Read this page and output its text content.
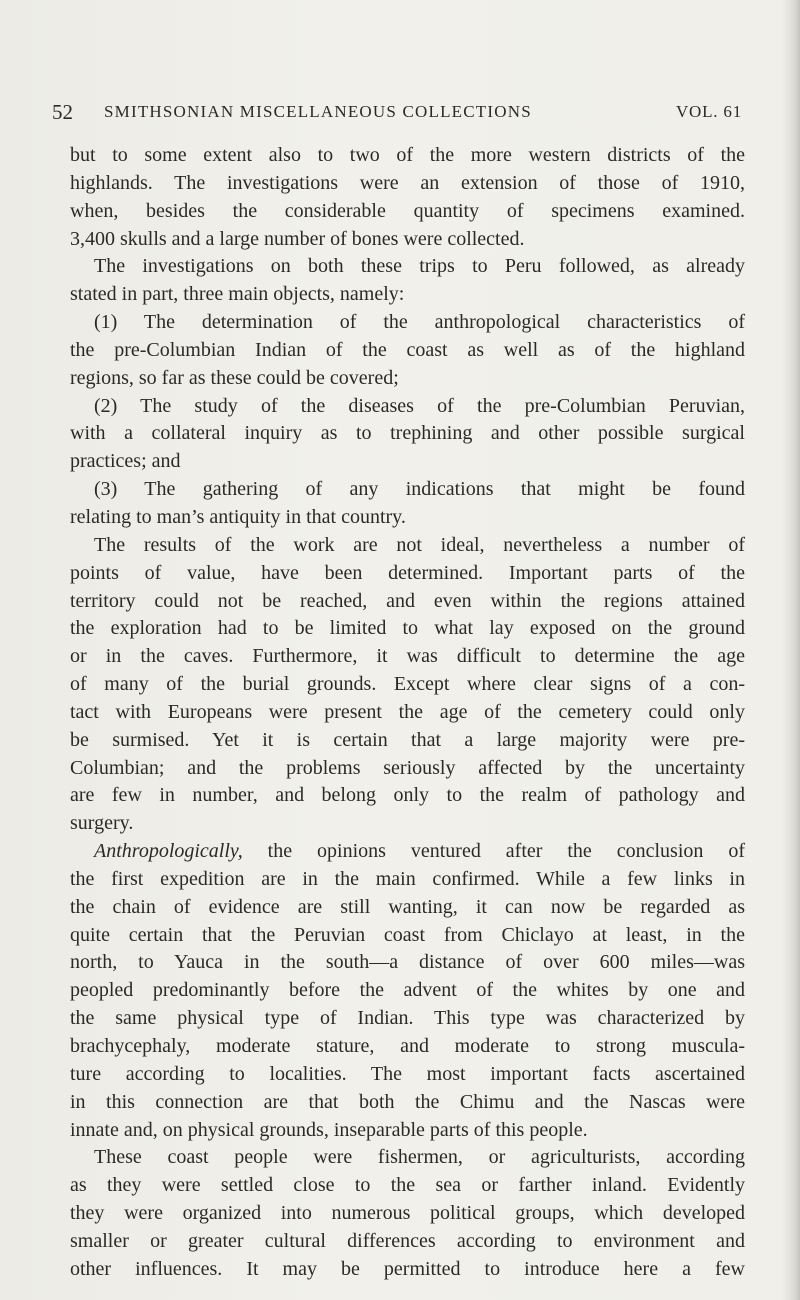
52 SMITHSONIAN MISCELLANEOUS COLLECTIONS	VOL. 61
but to some extent also to two of the more western districts of the
highlands. The investigations were an extension of those of 1910,
when, besides the considerable quantity of specimens examined.
3,400 skulls and a large number of bones were collected.
The investigations on both these trips to Peru followed, as already
stated in part, three main objects, namely:
(1) The determination of the anthropological characteristics of
the pre-Columbian Indian of the coast as well as of the highland
regions, so far as these could be covered;
(2) The study of the diseases of the pre-Columbian Peruvian,
with a collateral inquiry as to trephining and other possible surgical
practices; and
(3) The gathering of any indications that might be found
relating to man’s antiquity in that country.
The results of the work are not ideal, nevertheless a number of
points of value, have been determined. Important parts of the
territory could not be reached, and even within the regions attained
the exploration had to be limited to what lay exposed on the ground
or in the caves. Furthermore, it was difficult to determine the age
of many of the burial grounds. Except where clear signs of a con-
tact with Europeans were present the age of the cemetery could only
be surmised. Yet it is certain that a large majority were pre-
Columbian; and the problems seriously affected by the uncertainty
are few in number, and belong only to the realm of pathology and
surgery.
Anthropologically, the opinions ventured after the conclusion of
the first expedition are in the main confirmed. While a few links in
the chain of evidence are still wanting, it can now be regarded as
quite certain that the Peruvian coast from Chiclayo at least, in the
north, to Yauca in the south—a distance of over 600 miles—was
peopled predominantly before the advent of the whites by one and
the same physical type of Indian. This type was characterized by
brachycephaly, moderate stature, and moderate to strong muscula-
ture according to localities. The most important facts ascertained
in this connection are that both the Chimu and the Nascas were
innate and, on physical grounds, inseparable parts of this people.
These coast people were fishermen, or agriculturists, according
as they were settled close to the sea or farther inland. Evidently
they were organized into numerous political groups, which developed
smaller or greater cultural differences according to environment and
other influences. It may be permitted to introduce here a few
